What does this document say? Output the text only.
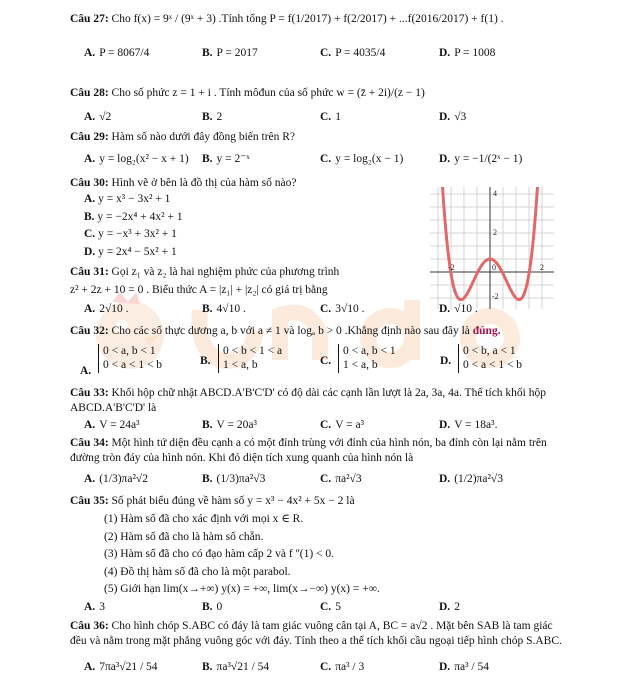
Câu 27: Cho f(x) = 9ˣ / (9ˣ + 3) .Tính tổng P = f(1/2017) + f(2/2017) + ...f(2016/2017) + f(1) .
A. P = 8067/4	B. P = 2017	C. P = 4035/4	D. P = 1008
Câu 28: Cho số phức z = 1 + i . Tính môđun của số phức w = (z̄ + 2i)/(z − 1)
A. √2	B. 2	C. 1	D. √3
Câu 29: Hàm số nào dưới đây đồng biến trên R?
A. y = log₂(x² − x + 1) B. y = 2⁻ˣ	C. y = log₂(x − 1)	D. y = −1/(2ˣ − 1)
Câu 30: Hình vẽ ở bên là đồ thị của hàm số nào?
A. y = x³ − 3x² + 1
B. y = −2x⁴ + 4x² + 1
C. y = −x³ + 3x² + 1
D. y = 2x⁴ − 5x² + 1
-2	0	2
4
2
-2
Câu 31: Gọi z₁ và z₂ là hai nghiệm phức của phương trình
z² + 2z + 10 = 0 . Biểu thức A = |z₁| + |z₂| có giá trị bằng
A. 2√10 .	B. 4√10 .	C. 3√10 .	D. √10 .
Câu 32: Cho các số thực dương a, b với a ≠ 1 và logₐ b > 0 .Khẳng định nào sau đây là đúng.
A.
0 < a, b < 1
0 < a < 1 < b	B.
0 < b < 1 < a
1 < a, b	C.
0 < a, b < 1
1 < a, b	D.
0 < b, a < 1
0 < a < 1 < b
Câu 33: Khối hộp chữ nhật ABCD.A'B'C'D' có độ dài các cạnh lần lượt là 2a, 3a, 4a. Thể tích khối hộp
ABCD.A'B'C'D' là
A. V = 24a³	B. V = 20a³	C. V = a³	D. V = 18a³.
Câu 34: Một hình tứ diện đều cạnh a có một đỉnh trùng với đỉnh của hình nón, ba đỉnh còn lại nằm trên
đường tròn đáy của hình nón. Khi đó diện tích xung quanh của hình nón là
A. (1/3)πa²√2	B. (1/3)πa²√3	C. πa²√3	D. (1/2)πa²√3
Câu 35: Số phát biểu đúng về hàm số y = x³ − 4x² + 5x − 2 là
(1) Hàm số đã cho xác định với mọi x ∈ R.
(2) Hàm số đã cho là hàm số chẵn.
(3) Hàm số đã cho có đạo hàm cấp 2 và f ''(1) < 0.
(4) Đồ thị hàm số đã cho là một parabol.
(5) Giới hạn lim(x→+∞) y(x) = +∞, lim(x→−∞) y(x) = +∞.
A. 3	B. 0	C. 5	D. 2
Câu 36: Cho hình chóp S.ABC có đáy là tam giác vuông cân tại A, BC = a√2 . Mặt bên SAB là tam giác
đều và nằm trong mặt phẳng vuông góc với đáy. Tính theo a thể tích khối cầu ngoại tiếp hình chóp S.ABC.
A. 7πa³√21 / 54	B. πa³√21 / 54	C. πa³ / 3	D. πa³ / 54
